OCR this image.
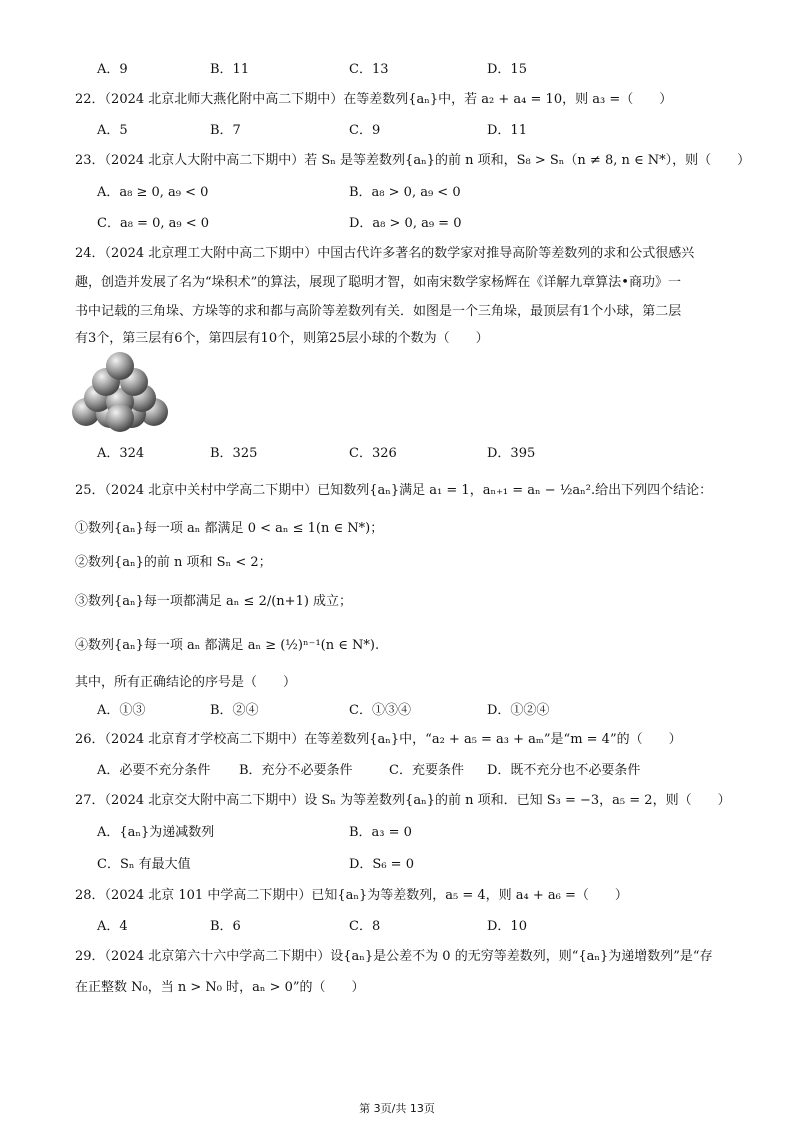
A．9	B．11	C．13	D．15
22．（2024 北京北师大燕化附中高二下期中）在等差数列{aₙ}中，若 a₂ + a₄ = 10，则 a₃ =（　　）
A．5	B．7	C．9	D．11
23．（2024 北京人大附中高二下期中）若 Sₙ 是等差数列{aₙ}的前 n 项和，S₈ > Sₙ（n ≠ 8, n ∈ N*），则（　　）
A．a₈ ≥ 0, a₉ < 0	B．a₈ > 0, a₉ < 0
C．a₈ = 0, a₉ < 0	D．a₈ > 0, a₉ = 0
24．（2024 北京理工大附中高二下期中）中国古代许多著名的数学家对推导高阶等差数列的求和公式很感兴
趣，创造并发展了名为“垛积术”的算法，展现了聪明才智，如南宋数学家杨辉在《详解九章算法•商功》一
书中记载的三角垛、方垛等的求和都与高阶等差数列有关．如图是一个三角垛，最顶层有1个小球，第二层
有3个，第三层有6个，第四层有10个，则第25层小球的个数为（　　）
A．324	B．325	C．326	D．395
25．（2024 北京中关村中学高二下期中）已知数列{aₙ}满足 a₁ = 1，aₙ₊₁ = aₙ − ½aₙ².给出下列四个结论：
①数列{aₙ}每一项 aₙ 都满足 0 < aₙ ≤ 1(n ∈ N*)；
②数列{aₙ}的前 n 项和 Sₙ < 2；
③数列{aₙ}每一项都满足 aₙ ≤ 2/(n+1) 成立；
④数列{aₙ}每一项 aₙ 都满足 aₙ ≥ (½)ⁿ⁻¹(n ∈ N*).
其中，所有正确结论的序号是（　　）
A．①③	B．②④	C．①③④	D．①②④
26．（2024 北京育才学校高二下期中）在等差数列{aₙ}中，“a₂ + a₅ = a₃ + aₘ”是“m = 4”的（　　）
A．必要不充分条件 B．充分不必要条件	C．充要条件 D．既不充分也不必要条件
27．（2024 北京交大附中高二下期中）设 Sₙ 为等差数列{aₙ}的前 n 项和．已知 S₃ = −3，a₅ = 2，则（　　）
A．{aₙ}为递减数列	B．a₃ = 0
C．Sₙ 有最大值	D．S₆ = 0
28．（2024 北京 101 中学高二下期中）已知{aₙ}为等差数列，a₅ = 4，则 a₄ + a₆ =（　　）
A．4	B．6	C．8	D．10
29．（2024 北京第六十六中学高二下期中）设{aₙ}是公差不为 0 的无穷等差数列，则“{aₙ}为递增数列”是“存
在正整数 N₀，当 n > N₀ 时，aₙ > 0”的（　　）
第 3页/共 13页
